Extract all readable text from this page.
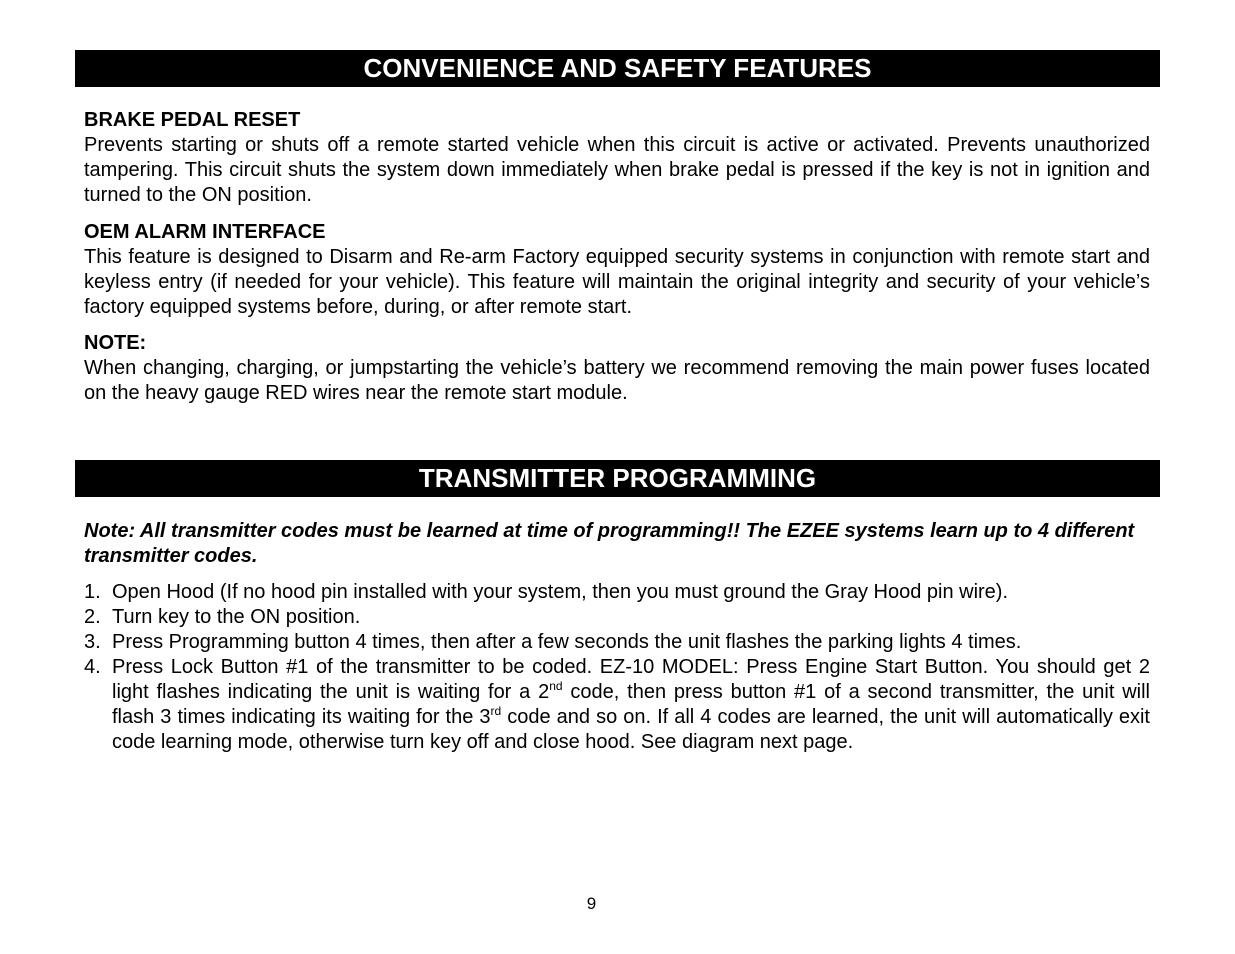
CONVENIENCE AND SAFETY FEATURES
BRAKE PEDAL RESET
Prevents starting or shuts off a remote started vehicle when this circuit is active or activated. Prevents unauthorized tampering. This circuit shuts the system down immediately when brake pedal is pressed if the key is not in ignition and turned to the ON position.
OEM ALARM INTERFACE
This feature is designed to Disarm and Re-arm Factory equipped security systems in conjunction with remote start and keyless entry (if needed for your vehicle). This feature will maintain the original integrity and security of your vehicle’s factory equipped systems before, during, or after remote start.
NOTE:
When changing, charging, or jumpstarting the vehicle’s battery we recommend removing the main power fuses located on the heavy gauge RED wires near the remote start module.
TRANSMITTER PROGRAMMING
Note: All transmitter codes must be learned at time of programming!! The EZEE systems learn up to 4 different transmitter codes.
1. Open Hood (If no hood pin installed with your system, then you must ground the Gray Hood pin wire).
2. Turn key to the ON position.
3. Press Programming button 4 times, then after a few seconds the unit flashes the parking lights 4 times.
4. Press Lock Button #1 of the transmitter to be coded. EZ-10 MODEL: Press Engine Start Button. You should get 2 light flashes indicating the unit is waiting for a 2nd code, then press button #1 of a second transmitter, the unit will flash 3 times indicating its waiting for the 3rd code and so on. If all 4 codes are learned, the unit will automatically exit code learning mode, otherwise turn key off and close hood. See diagram next page.
9
